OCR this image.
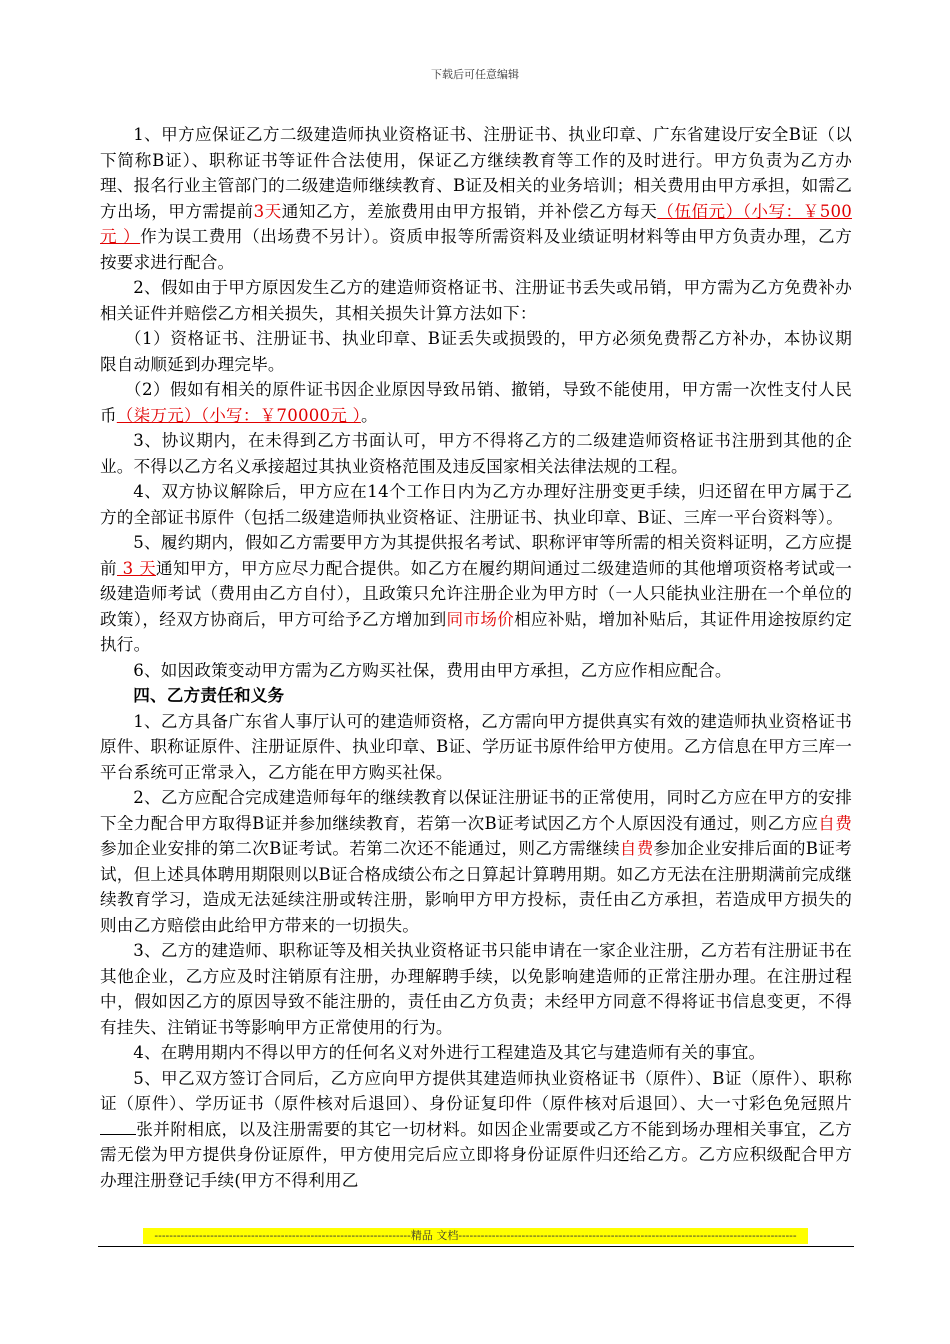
下载后可任意编辑

1、甲方应保证乙方二级建造师执业资格证书、注册证书、执业印章、广东省建设厅安全B证（以下简称B证）、职称证书等证件合法使用，保证乙方继续教育等工作的及时进行。甲方负责为乙方办理、报名行业主管部门的二级建造师继续教育、B证及相关的业务培训；相关费用由甲方承担，如需乙方出场，甲方需提前3天通知乙方，差旅费用由甲方报销，并补偿乙方每天（伍佰元）（小写：￥500元 ）作为误工费用（出场费不另计）。资质申报等所需资料及业绩证明材料等由甲方负责办理，乙方按要求进行配合。

2、假如由于甲方原因发生乙方的建造师资格证书、注册证书丢失或吊销，甲方需为乙方免费补办相关证件并赔偿乙方相关损失，其相关损失计算方法如下：

（1）资格证书、注册证书、执业印章、B证丢失或损毁的，甲方必须免费帮乙方补办，本协议期限自动顺延到办理完毕。

（2）假如有相关的原件证书因企业原因导致吊销、撤销，导致不能使用，甲方需一次性支付人民币（柒万元）（小写：￥70000元 ）。

3、协议期内，在未得到乙方书面认可，甲方不得将乙方的二级建造师资格证书注册到其他的企业。不得以乙方名义承接超过其执业资格范围及违反国家相关法律法规的工程。

4、双方协议解除后，甲方应在14个工作日内为乙方办理好注册变更手续，归还留在甲方属于乙方的全部证书原件（包括二级建造师执业资格证、注册证书、执业印章、B证、三库一平台资料等）。

5、履约期内，假如乙方需要甲方为其提供报名考试、职称评审等所需的相关资料证明，乙方应提前 3 天通知甲方，甲方应尽力配合提供。如乙方在履约期间通过二级建造师的其他增项资格考试或一级建造师考试（费用由乙方自付），且政策只允许注册企业为甲方时（一人只能执业注册在一个单位的政策），经双方协商后，甲方可给予乙方增加到同市场价相应补贴，增加补贴后，其证件用途按原约定执行。

6、如因政策变动甲方需为乙方购买社保，费用由甲方承担，乙方应作相应配合。

四、乙方责任和义务

1、乙方具备广东省人事厅认可的建造师资格，乙方需向甲方提供真实有效的建造师执业资格证书原件、职称证原件、注册证原件、执业印章、B证、学历证书原件给甲方使用。乙方信息在甲方三库一平台系统可正常录入，乙方能在甲方购买社保。

2、乙方应配合完成建造师每年的继续教育以保证注册证书的正常使用，同时乙方应在甲方的安排下全力配合甲方取得B证并参加继续教育，若第一次B证考试因乙方个人原因没有通过，则乙方应自费参加企业安排的第二次B证考试。若第二次还不能通过，则乙方需继续自费参加企业安排后面的B证考试，但上述具体聘用期限则以B证合格成绩公布之日算起计算聘用期。如乙方无法在注册期满前完成继续教育学习，造成无法延续注册或转注册，影响甲方甲方投标，责任由乙方承担，若造成甲方损失的则由乙方赔偿由此给甲方带来的一切损失。

3、乙方的建造师、职称证等及相关执业资格证书只能申请在一家企业注册，乙方若有注册证书在其他企业，乙方应及时注销原有注册，办理解聘手续，以免影响建造师的正常注册办理。在注册过程中，假如因乙方的原因导致不能注册的，责任由乙方负责；未经甲方同意不得将证书信息变更，不得有挂失、注销证书等影响甲方正常使用的行为。

4、在聘用期内不得以甲方的任何名义对外进行工程建造及其它与建造师有关的事宜。

5、甲乙双方签订合同后，乙方应向甲方提供其建造师执业资格证书（原件）、B证（原件）、职称证（原件）、学历证书（原件核对后退回）、身份证复印件（原件核对后退回）、大一寸彩色免冠照片张并附相底，以及注册需要的其它一切材料。如因企业需要或乙方不能到场办理相关事宜，乙方需无偿为甲方提供身份证原件，甲方使用完后应立即将身份证原件归还给乙方。乙方应积级配合甲方办理注册登记手续(甲方不得利用乙

---------------------------------------------------------------------精品 文档-------------------------------------------------------------------------------------------
